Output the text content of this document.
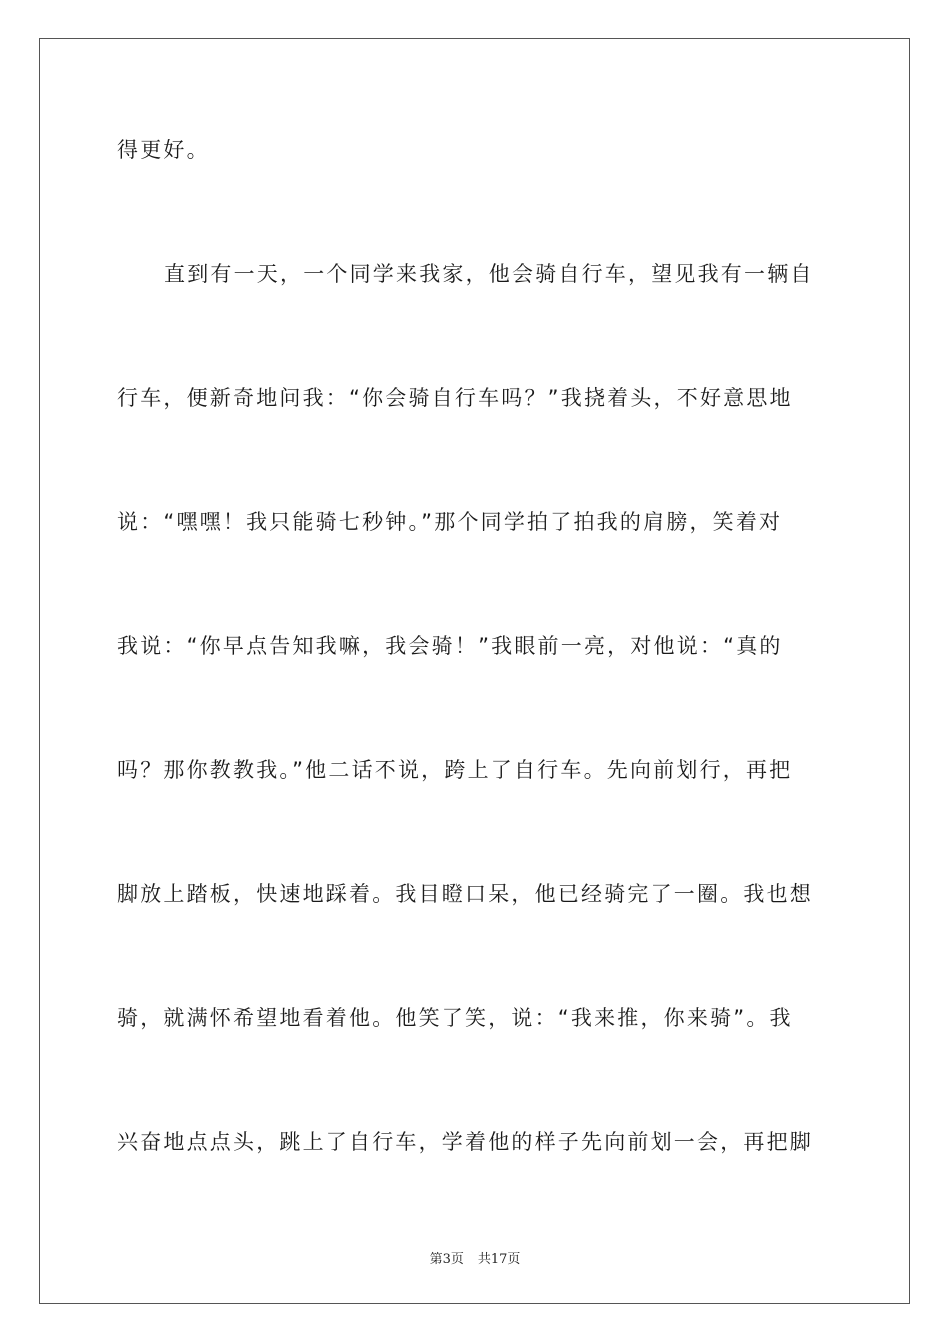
得更好。
直到有一天，一个同学来我家，他会骑自行车，望见我有一辆自
行车，便新奇地问我：“你会骑自行车吗？”我挠着头，不好意思地
说：“嘿嘿！我只能骑七秒钟。”那个同学拍了拍我的肩膀，笑着对
我说：“你早点告知我嘛，我会骑！”我眼前一亮，对他说：“真的
吗？那你教教我。”他二话不说，跨上了自行车。先向前划行，再把
脚放上踏板，快速地踩着。我目瞪口呆，他已经骑完了一圈。我也想
骑，就满怀希望地看着他。他笑了笑，说：“我来推，你来骑”。我
兴奋地点点头，跳上了自行车，学着他的样子先向前划一会，再把脚
第3页 共17页
